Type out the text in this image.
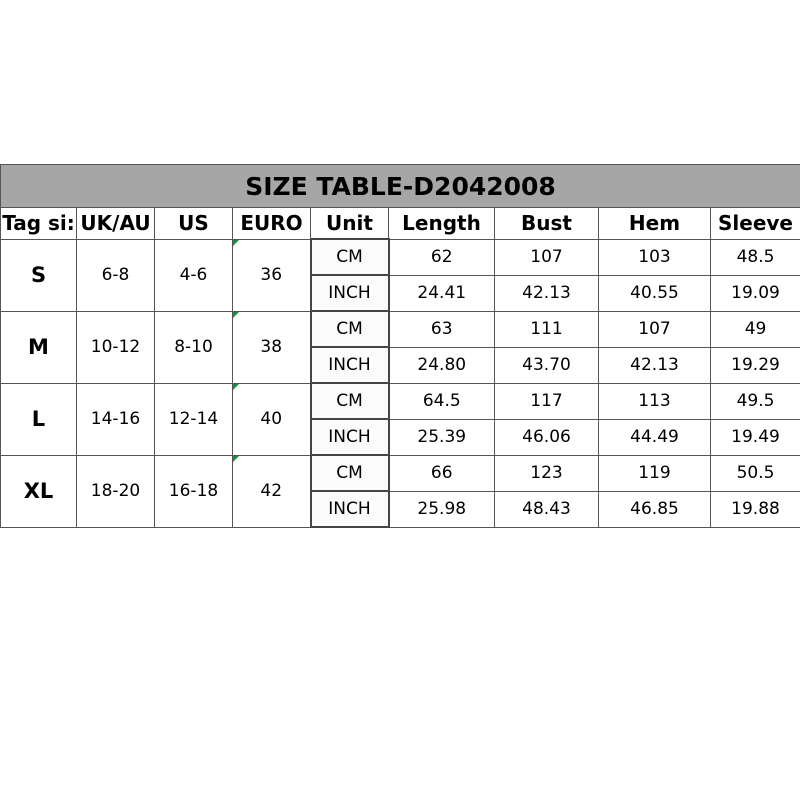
SIZE TABLE-D2042008								
Tag si:	UK/AU	US	EURO	Unit	Length	Bust	Hem	Sleeve
S	6-8	4-6	36	CM	62	107	103	48.5
				INCH	24.41	42.13	40.55	19.09
M	10-12	8-10	38	CM	63	111	107	49
				INCH	24.80	43.70	42.13	19.29
L	14-16	12-14	40	CM	64.5	117	113	49.5
				INCH	25.39	46.06	44.49	19.49
XL	18-20	16-18	42	CM	66	123	119	50.5
				INCH	25.98	48.43	46.85	19.88
